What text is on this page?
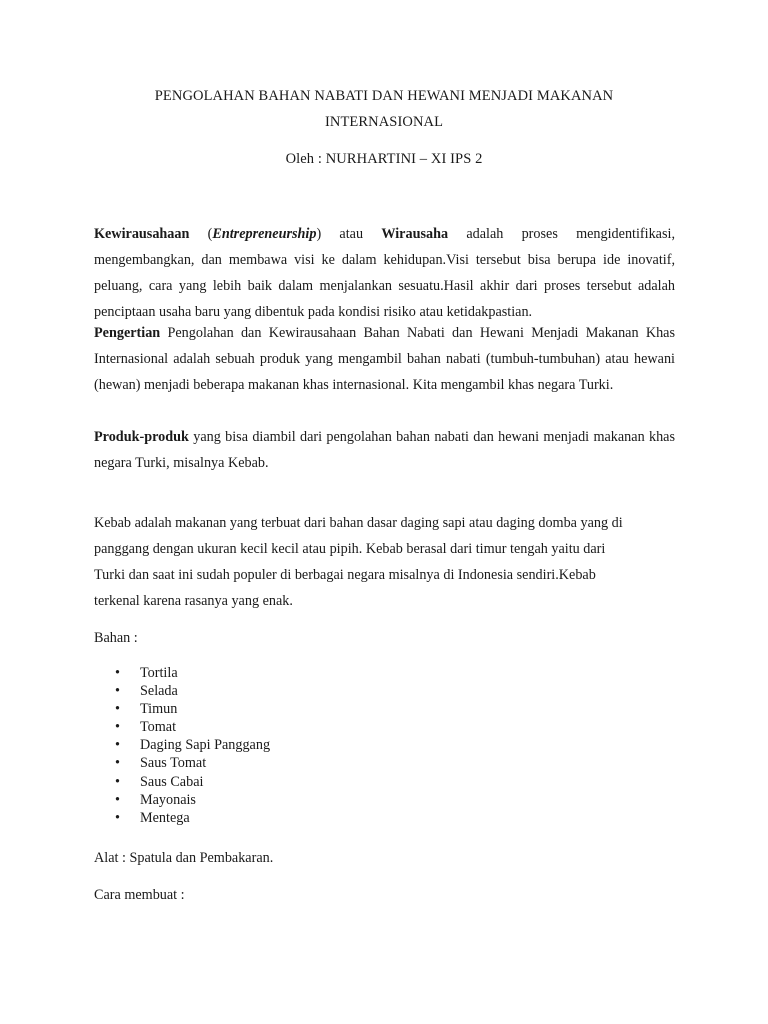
PENGOLAHAN BAHAN NABATI DAN HEWANI MENJADI MAKANAN
INTERNASIONAL
Oleh : NURHARTINI – XI IPS 2
Kewirausahaan (Entrepreneurship) atau Wirausaha adalah proses mengidentifikasi, mengembangkan, dan membawa visi ke dalam kehidupan.Visi tersebut bisa berupa ide inovatif, peluang, cara yang lebih baik dalam menjalankan sesuatu.Hasil akhir dari proses tersebut adalah penciptaan usaha baru yang dibentuk pada kondisi risiko atau ketidakpastian.
Pengertian Pengolahan dan Kewirausahaan Bahan Nabati dan Hewani Menjadi Makanan Khas Internasional adalah sebuah produk yang mengambil bahan nabati (tumbuh-tumbuhan) atau hewani (hewan) menjadi beberapa makanan khas internasional. Kita mengambil khas negara Turki.
Produk-produk yang bisa diambil dari pengolahan bahan nabati dan hewani menjadi makanan khas negara Turki, misalnya Kebab.
Kebab adalah makanan yang terbuat dari bahan dasar daging sapi atau daging domba yang di
panggang dengan ukuran kecil kecil atau pipih. Kebab berasal dari timur tengah yaitu dari
Turki dan saat ini sudah populer di berbagai negara misalnya di Indonesia sendiri.Kebab
terkenal karena rasanya yang enak.
Bahan :
• Tortila
• Selada
• Timun
• Tomat
• Daging Sapi Panggang
• Saus Tomat
• Saus Cabai
• Mayonais
• Mentega
Alat : Spatula dan Pembakaran.
Cara membuat :
